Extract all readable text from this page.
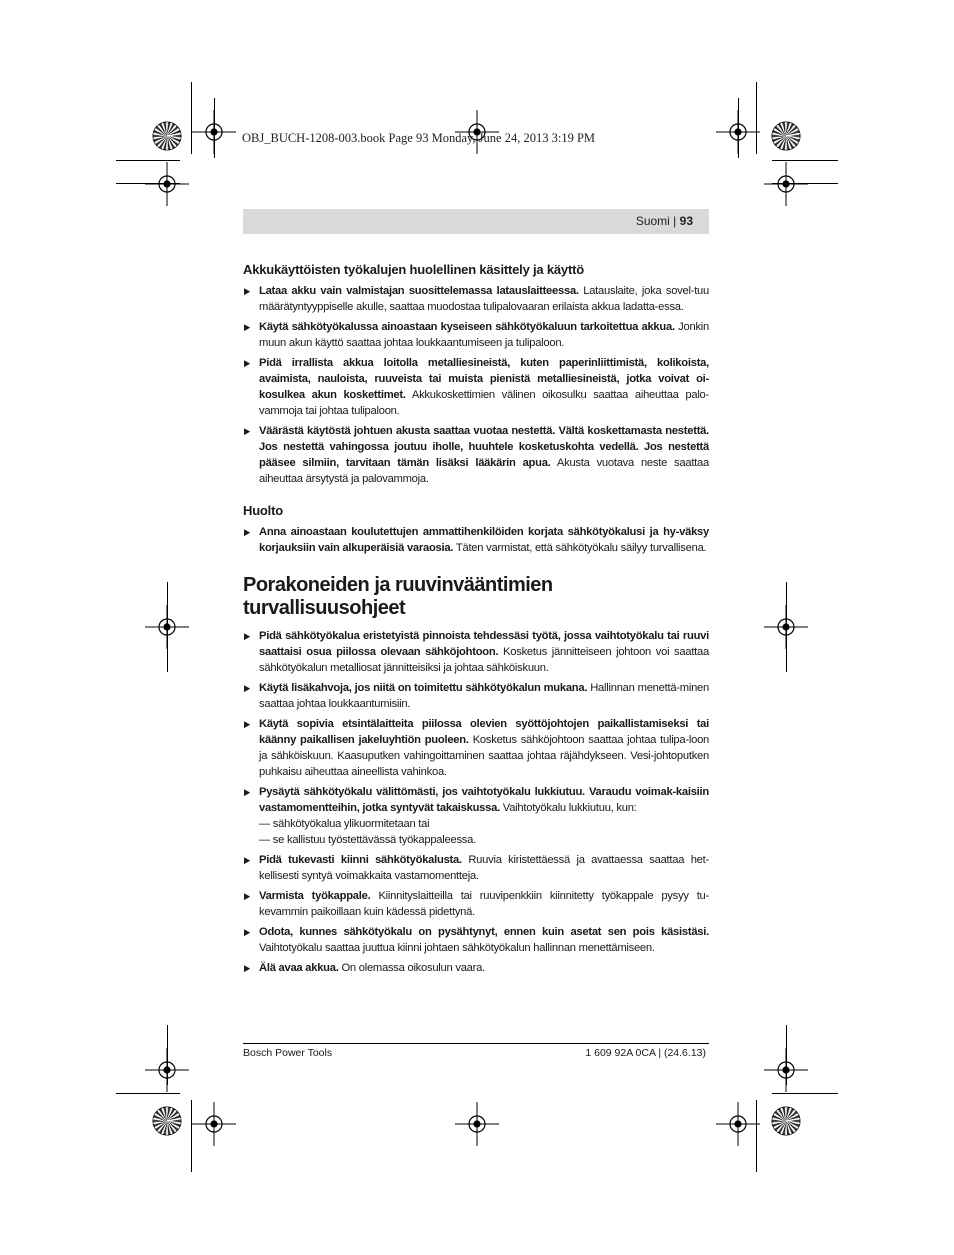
OBJ_BUCH-1208-003.book Page 93 Monday, June 24, 2013 3:19 PM
Suomi | 93
Akkukäyttöisten työkalujen huolellinen käsittely ja käyttö
▶ Lataa akku vain valmistajan suosittelemassa latauslaitteessa. Latauslaite, joka sovel-tuu määrätyntyyppiselle akulle, saattaa muodostaa tulipalovaaran erilaista akkua ladatta-essa.
▶ Käytä sähkötyökalussa ainoastaan kyseiseen sähkötyökaluun tarkoitettua akkua. Jonkin muun akun käyttö saattaa johtaa loukkaantumiseen ja tulipaloon.
▶ Pidä irrallista akkua loitolla metalliesineistä, kuten paperinliittimistä, kolikoista, avaimista, nauloista, ruuveista tai muista pienistä metalliesineistä, jotka voivat oi-kosulkea akun koskettimet. Akkukoskettimien välinen oikosulku saattaa aiheuttaa palo-vammoja tai johtaa tulipaloon.
▶ Väärästä käytöstä johtuen akusta saattaa vuotaa nestettä. Vältä koskettamasta nestettä. Jos nestettä vahingossa joutuu iholle, huuhtele kosketuskohta vedellä. Jos nestettä pääsee silmiin, tarvitaan tämän lisäksi lääkärin apua. Akusta vuotava neste saattaa aiheuttaa ärsytystä ja palovammoja.
Huolto
▶ Anna ainoastaan koulutettujen ammattihenkilöiden korjata sähkötyökalusi ja hy-väksy korjauksiin vain alkuperäisiä varaosia. Täten varmistat, että sähkötyökalu säilyy turvallisena.
Porakoneiden ja ruuvinvääntimien turvallisuusohjeet
▶ Pidä sähkötyökalua eristetyistä pinnoista tehdessäsi työtä, jossa vaihtotyökalu tai ruuvi saattaisi osua piilossa olevaan sähköjohtoon. Kosketus jännitteiseen johtoon voi saattaa sähkötyökalun metalliosat jännitteisiksi ja johtaa sähköiskuun.
▶ Käytä lisäkahvoja, jos niitä on toimitettu sähkötyökalun mukana. Hallinnan menettä-minen saattaa johtaa loukkaantumisiin.
▶ Käytä sopivia etsintälaitteita piilossa olevien syöttöjohtojen paikallistamiseksi tai käänny paikallisen jakeluyhtiön puoleen. Kosketus sähköjohtoon saattaa johtaa tulipa-loon ja sähköiskuun. Kaasuputken vahingoittaminen saattaa johtaa räjähdykseen. Vesi-johtoputken puhkaisu aiheuttaa aineellista vahinkoa.
▶ Pysäytä sähkötyökalu välittömästi, jos vaihtotyökalu lukkiutuu. Varaudu voimak-kaisiin vastamomentteihin, jotka syntyvät takaiskussa. Vaihtotyökalu lukkiutuu, kun:
— sähkötyökalua ylikuormitetaan tai
— se kallistuu työstettävässä työkappaleessa.
▶ Pidä tukevasti kiinni sähkötyökalusta. Ruuvia kiristettäessä ja avattaessa saattaa het-kellisesti syntyä voimakkaita vastamomentteja.
▶ Varmista työkappale. Kiinnityslaitteilla tai ruuvipenkkiin kiinnitetty työkappale pysyy tu-kevammin paikoillaan kuin kädessä pidettynä.
▶ Odota, kunnes sähkötyökalu on pysähtynyt, ennen kuin asetat sen pois käsistäsi. Vaihtotyökalu saattaa juuttua kiinni johtaen sähkötyökalun hallinnan menettämiseen.
▶ Älä avaa akkua. On olemassa oikosulun vaara.
Bosch Power Tools	1 609 92A 0CA | (24.6.13)
